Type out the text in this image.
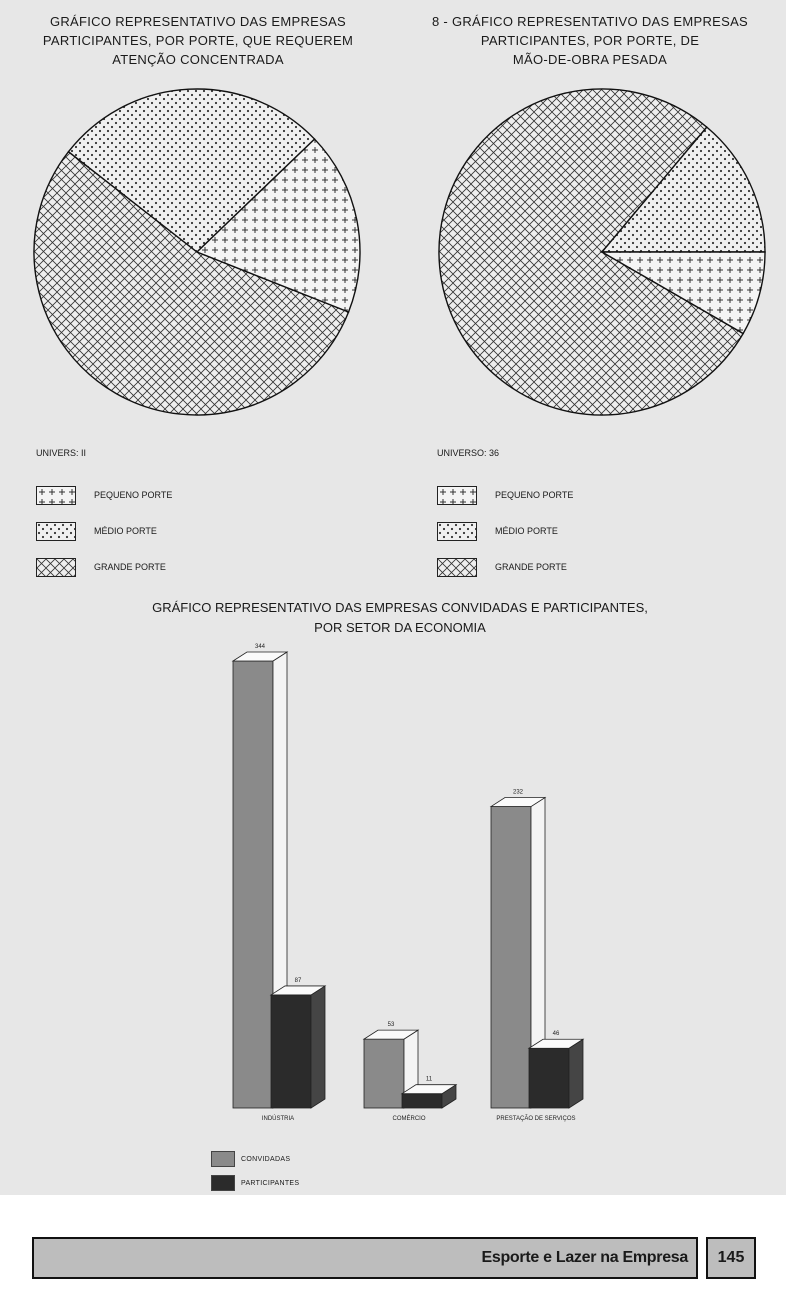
GRÁFICO REPRESENTATIVO DAS EMPRESAS
PARTICIPANTES, POR PORTE, QUE REQUEREM
ATENÇÃO CONCENTRADA
8 - GRÁFICO REPRESENTATIVO DAS EMPRESAS
PARTICIPANTES, POR PORTE, DE
MÃO-DE-OBRA PESADA
UNIVERS: II	UNIVERSO: 36
PEQUENO PORTE
MÉDIO PORTE
GRANDE PORTE
PEQUENO PORTE
MÉDIO PORTE
GRANDE PORTE
GRÁFICO REPRESENTATIVO DAS EMPRESAS CONVIDADAS E PARTICIPANTES,
POR SETOR DA ECONOMIA
344
87
INDÚSTRIA
53
11
COMÉRCIO
232
46
PRESTAÇÃO DE SERVIÇOS
CONVIDADAS
PARTICIPANTES
Esporte e Lazer na Empresa	145
